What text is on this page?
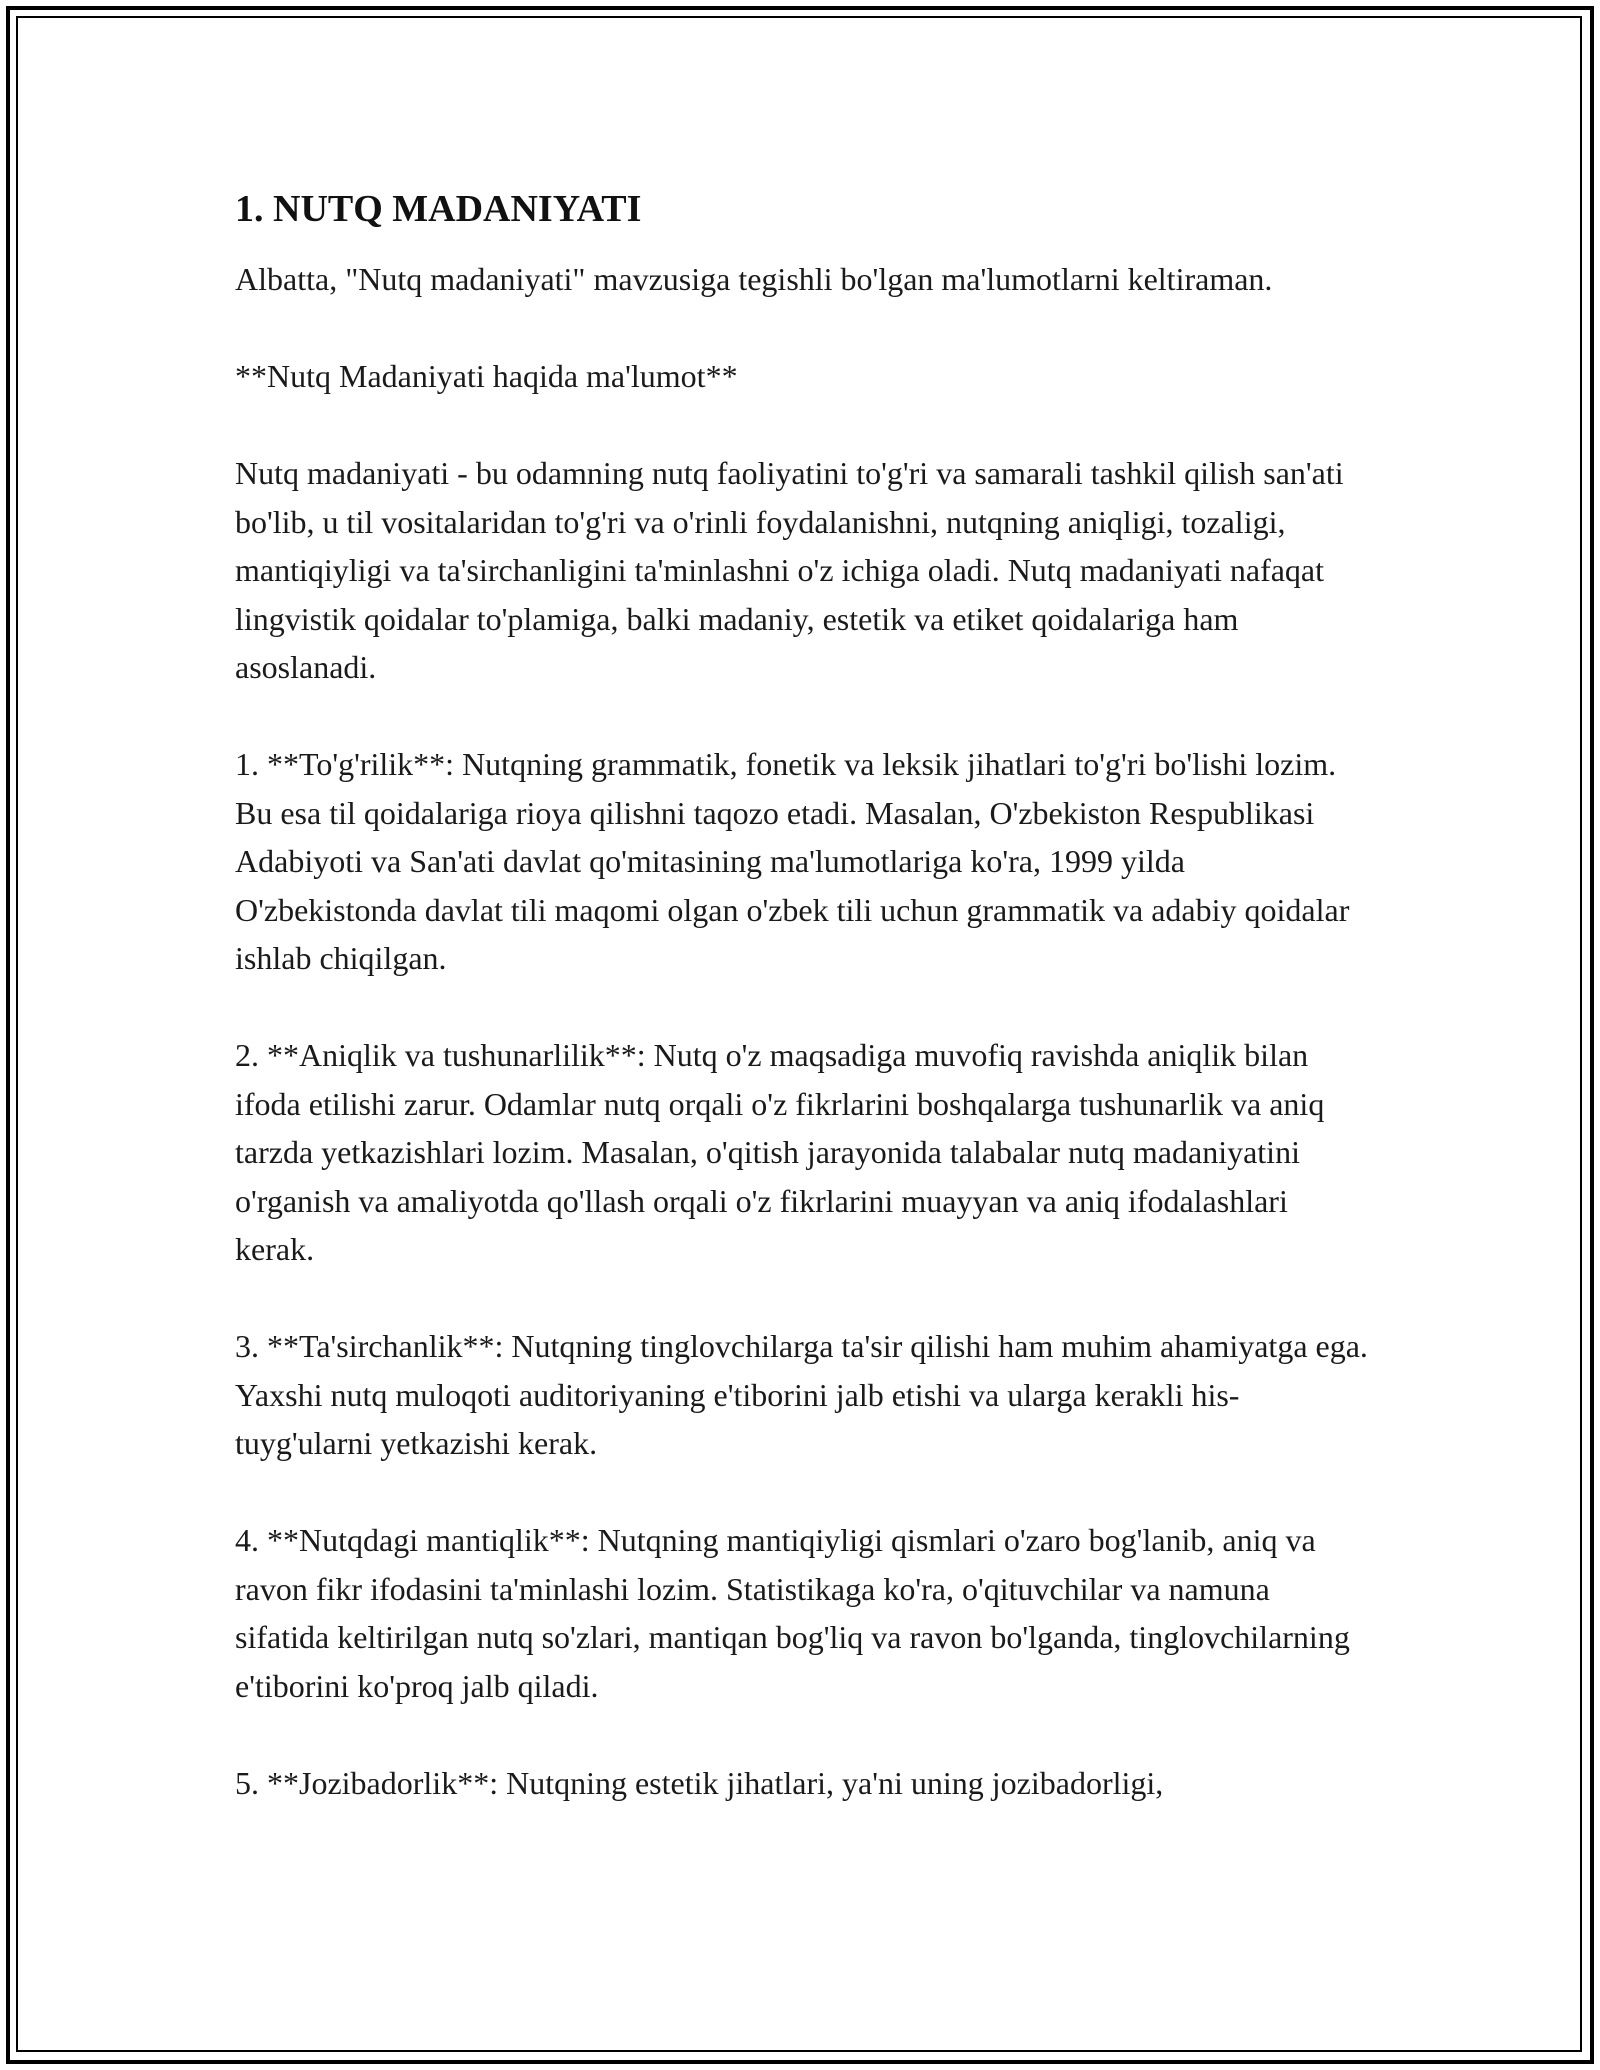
1. NUTQ MADANIYATI

Albatta, "Nutq madaniyati" mavzusiga tegishli bo'lgan ma'lumotlarni keltiraman.

**Nutq Madaniyati haqida ma'lumot**

Nutq madaniyati - bu odamning nutq faoliyatini to'g'ri va samarali tashkil qilish san'ati bo'lib, u til vositalaridan to'g'ri va o'rinli foydalanishni, nutqning aniqligi, tozaligi, mantiqiyligi va ta'sirchanligini ta'minlashni o'z ichiga oladi. Nutq madaniyati nafaqat lingvistik qoidalar to'plamiga, balki madaniy, estetik va etiket qoidalariga ham asoslanadi.

1. **To'g'rilik**: Nutqning grammatik, fonetik va leksik jihatlari to'g'ri bo'lishi lozim. Bu esa til qoidalariga rioya qilishni taqozo etadi. Masalan, O'zbekiston Respublikasi Adabiyoti va San'ati davlat qo'mitasining ma'lumotlariga ko'ra, 1999 yilda O'zbekistonda davlat tili maqomi olgan o'zbek tili uchun grammatik va adabiy qoidalar ishlab chiqilgan.

2. **Aniqlik va tushunarlilik**: Nutq o'z maqsadiga muvofiq ravishda aniqlik bilan ifoda etilishi zarur. Odamlar nutq orqali o'z fikrlarini boshqalarga tushunarlik va aniq tarzda yetkazishlari lozim. Masalan, o'qitish jarayonida talabalar nutq madaniyatini o'rganish va amaliyotda qo'llash orqali o'z fikrlarini muayyan va aniq ifodalashlari kerak.

3. **Ta'sirchanlik**: Nutqning tinglovchilarga ta'sir qilishi ham muhim ahamiyatga ega. Yaxshi nutq muloqoti auditoriyaning e'tiborini jalb etishi va ularga kerakli his-tuyg'ularni yetkazishi kerak.

4. **Nutqdagi mantiqlik**: Nutqning mantiqiyligi qismlari o'zaro bog'lanib, aniq va ravon fikr ifodasini ta'minlashi lozim. Statistikaga ko'ra, o'qituvchilar va namuna sifatida keltirilgan nutq so'zlari, mantiqan bog'liq va ravon bo'lganda, tinglovchilarning e'tiborini ko'proq jalb qiladi.

5. **Jozibadorlik**: Nutqning estetik jihatlari, ya'ni uning jozibadorligi,
